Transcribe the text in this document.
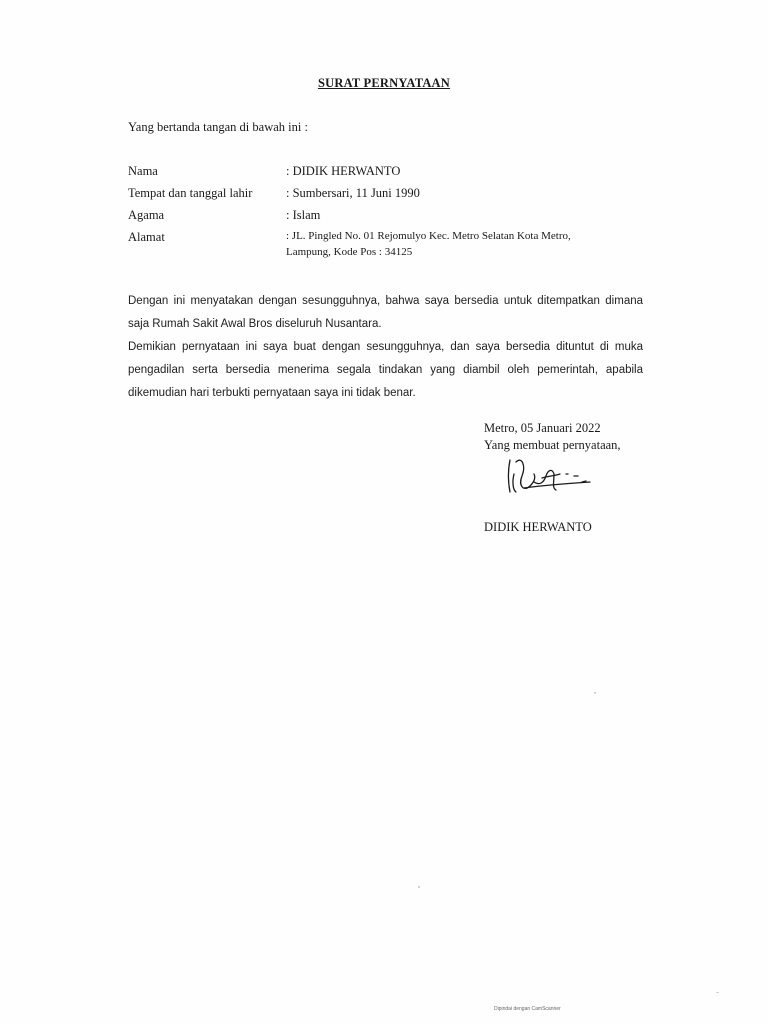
SURAT PERNYATAAN
Yang bertanda tangan di bawah ini :
Nama	: DIDIK HERWANTO
Tempat dan tanggal lahir	: Sumbersari, 11 Juni 1990
Agama	: Islam
Alamat	: JL. Pingled No. 01 Rejomulyo Kec. Metro Selatan Kota Metro,
Lampung, Kode Pos : 34125

Dengan ini menyatakan dengan sesungguhnya, bahwa saya bersedia untuk ditempatkan dimana saja Rumah Sakit Awal Bros diseluruh Nusantara.

Demikian pernyataan ini saya buat dengan sesungguhnya, dan saya bersedia dituntut di muka pengadilan serta bersedia menerima segala tindakan yang diambil oleh pemerintah, apabila dikemudian hari terbukti pernyataan saya ini tidak benar.

Metro, 05 Januari 2022
Yang membuat pernyataan,
DIDIK HERWANTO
Dipindai dengan CamScanner
